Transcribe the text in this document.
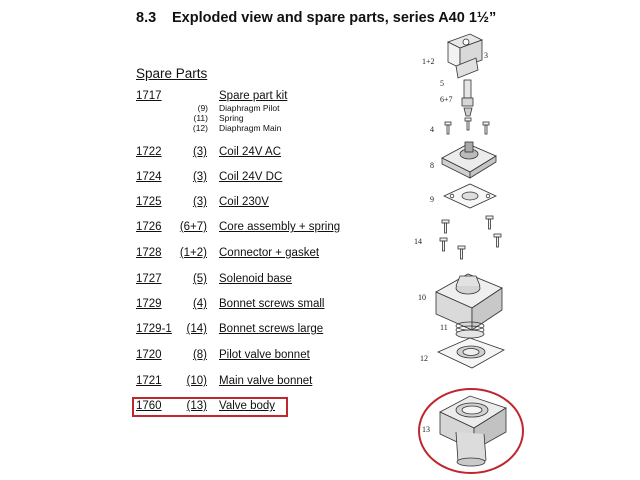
8.3 Exploded view and spare parts, series A40 1½”
Spare Parts
1717	Spare part kit
(9) Diaphragm Pilot
(11) Spring
(12) Diaphragm Main
1722	(3) Coil 24V AC
1724	(3) Coil 24V DC
1725	(3) Coil 230V
1726	(6+7) Core assembly + spring
1728	(1+2) Connector + gasket
1727	(5) Solenoid base
1729	(4) Bonnet screws small
1729-1	(14) Bonnet screws large
1720	(8) Pilot valve bonnet
1721	(10) Main valve bonnet
1760	(13) Valve body
1+2
3
5
6+7
4
8
9
14
10
11
12
13
